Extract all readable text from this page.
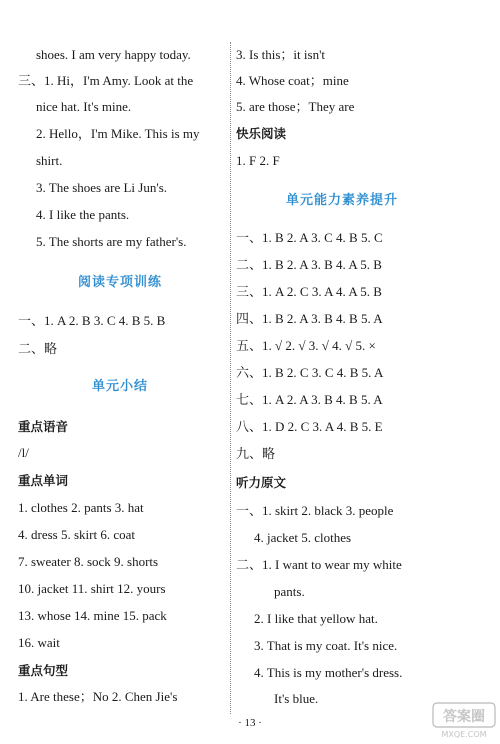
shoes. I am very happy today.
三、1. Hi，I'm Amy. Look at the
nice hat. It's mine.
2. Hello，I'm Mike. This is my
shirt.
3. The shoes are Li Jun's.
4. I like the pants.
5. The shorts are my father's.
阅读专项训练
一、1. A 2. B 3. C 4. B 5. B
二、略
单元小结
重点语音
/l/
重点单词
1. clothes 2. pants 3. hat
4. dress 5. skirt 6. coat
7. sweater 8. sock 9. shorts
10. jacket 11. shirt 12. yours
13. whose 14. mine 15. pack
16. wait
重点句型
1. Are these；No 2. Chen Jie's
3. Is this；it isn't
4. Whose coat；mine
5. are those；They are
快乐阅读
1. F 2. F
单元能力素养提升
一、1. B 2. A 3. C 4. B 5. C
二、1. B 2. A 3. B 4. A 5. B
三、1. A 2. C 3. A 4. A 5. B
四、1. B 2. A 3. B 4. B 5. A
五、1. √ 2. √ 3. √ 4. √ 5. ×
六、1. B 2. C 3. C 4. B 5. A
七、1. A 2. A 3. B 4. B 5. A
八、1. D 2. C 3. A 4. B 5. E
九、略
听力原文
一、1. skirt 2. black 3. people
4. jacket 5. clothes
二、1. I want to wear my white
pants.
2. I like that yellow hat.
3. That is my coat. It's nice.
4. This is my mother's dress.
It's blue.
· 13 ·	答案圈
MXQE.COM
